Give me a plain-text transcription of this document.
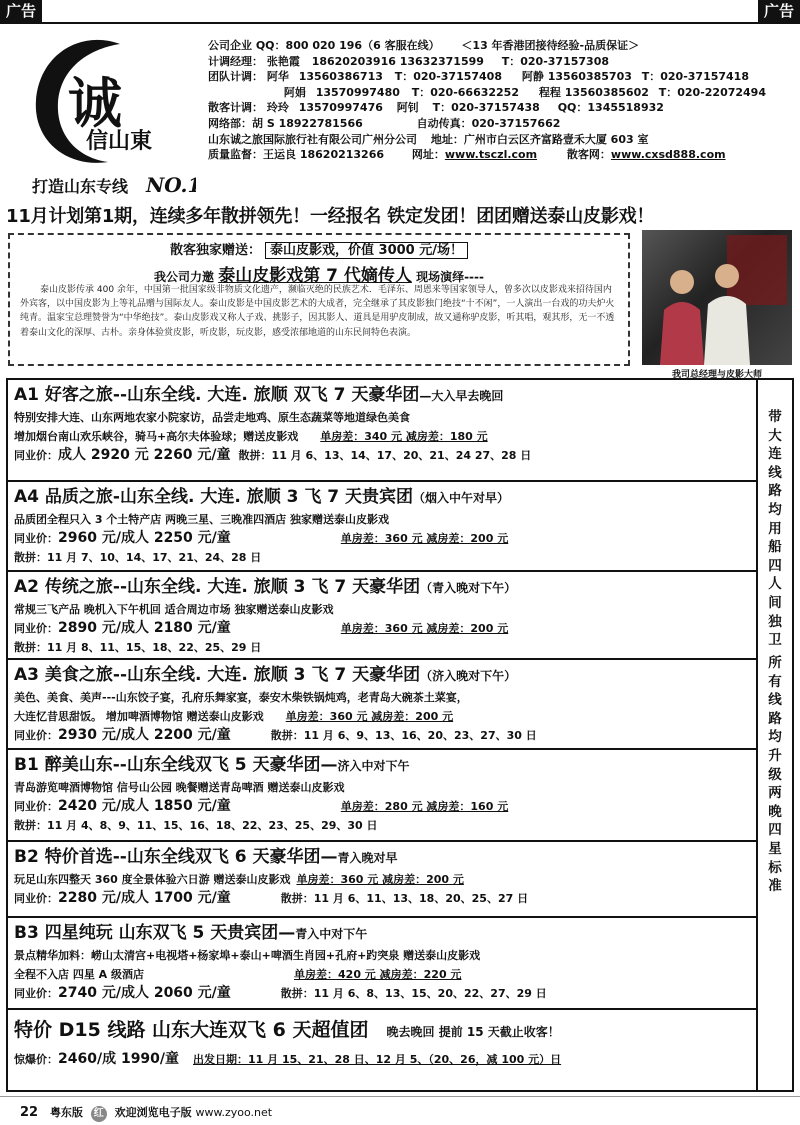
广告	广告
诚
信山東
打造山东专线 NO.1
公司企业 QQ：800 020 196（6 客服在线） ＜13 年香港团接待经验-品质保证＞
计调经理： 张艳霞 18620203916 13632371599 T：020-37157308
团队计调： 阿华 13560386713 T：020-37157408 阿静 13560385703 T：020-37157418
阿娟 13570997480 T：020-66632252 程程 13560385602 T：020-22072494
散客计调： 玲玲 13570997476 阿钊 T：020-37157438 QQ：1345518932
网络部：胡 S 18922781566	自动传真：020-37157662
山东诚之旅国际旅行社有限公司广州分公司 地址：广州市白云区齐富路壹禾大厦 603 室
质量监督：王运良 18620213266	网址：www.tsczl.com	散客网：www.cxsd888.com
11月计划第1期，连续多年散拼领先！一经报名 铁定发团！团团赠送泰山皮影戏！
散客独家赠送： 泰山皮影戏，价值 3000 元/场！
我公司力邀 泰山皮影戏第 7 代嫡传人 现场演绎----

泰山皮影传承 400 余年，中国第一批国家级非物质文化遗产，濒临灭绝的民族艺术．毛泽东、周恩来等国家领导人，曾多次以皮影戏来招待国内外宾客，以中国皮影为上等礼品赠与国际友人。泰山皮影是中国皮影艺术的大成者，完全继承了其皮影独门绝技“十不闲”，一人演出一台戏的功夫炉火纯青。温家宝总理赞誉为“中华绝技”。泰山皮影戏又称人子戏、挑影子，因其影人、道具是用驴皮制成，故又通称驴皮影，听其唱，观其形，无一不透着泰山文化的深厚、古朴。亲身体验赏皮影，听皮影，玩皮影，感受浓郁地道的山东民间特色表演。

我司总经理与皮影大师
A1 好客之旅--山东全线. 大连. 旅顺 双飞 7 天豪华团—大入早去晚回
特别安排大连、山东两地农家小院家访，品尝走地鸡、原生态蔬菜等地道绿色美食
增加烟台南山欢乐峡谷，骑马+高尔夫体验球；赠送皮影戏 单房差：340 元 减房差：180 元
同业价：成人 2920 元 2260 元/童 散拼：11 月 6、13、14、17、20、21、24 27、28 日
A4 品质之旅-山东全线. 大连. 旅顺 3 飞 7 天贵宾团（烟入中午对早）
品质团全程只入 3 个土特产店 两晚三星、三晚准四酒店 独家赠送泰山皮影戏
同业价：2960 元/成人 2250 元/童	单房差：360 元 减房差：200 元
散拼：11 月 7、10、14、17、21、24、28 日
A2 传统之旅--山东全线. 大连. 旅顺 3 飞 7 天豪华团（青入晚对下午）
常规三飞产品 晚机入下午机回 适合周边市场 独家赠送泰山皮影戏
同业价：2890 元/成人 2180 元/童	单房差：360 元 减房差：200 元
散拼：11 月 8、11、15、18、22、25、29 日
A3 美食之旅--山东全线. 大连. 旅顺 3 飞 7 天豪华团（济入晚对下午）
美色、美食、美声---山东饺子宴，孔府乐舞家宴，泰安木柴铁锅炖鸡，老青岛大碗茶土菜宴，
大连忆昔思甜饭。 增加啤酒博物馆 赠送泰山皮影戏 单房差：360 元 减房差：200 元
同业价：2930 元/成人 2200 元/童	散拼：11 月 6、9、13、16、20、23、27、30 日
B1 醉美山东--山东全线双飞 5 天豪华团—济入中对下午
青岛游览啤酒博物馆 信号山公园 晚餐赠送青岛啤酒 赠送泰山皮影戏
同业价：2420 元/成人 1850 元/童	单房差：280 元 减房差：160 元
散拼：11 月 4、8、9、11、15、16、18、22、23、25、29、30 日
B2 特价首选--山东全线双飞 6 天豪华团—青入晚对早
玩足山东四整天 360 度全景体验六日游 赠送泰山皮影戏 单房差：360 元 减房差：200 元
同业价：2280 元/成人 1700 元/童	散拼：11 月 6、11、13、18、20、25、27 日
B3 四星纯玩 山东双飞 5 天贵宾团—青入中对下午
景点精华加料：崂山太清宫+电视塔+杨家埠+泰山+啤酒生肖园+孔府+趵突泉 赠送泰山皮影戏
全程不入店 四星 A 级酒店	单房差：420 元 减房差：220 元
同业价：2740 元/成人 2060 元/童	散拼：11 月 6、8、13、15、20、22、27、29 日
特价 D15 线路 山东大连双飞 6 天超值团 晚去晚回 提前 15 天截止收客！
惊爆价：2460/成 1990/童 出发日期：11 月 15、21、28 日、12 月 5、（20、26，减 100 元）日
带大连线路均用船四人间独卫
所有线路均升级两晚四星标准
22 粤东版 红 欢迎浏览电子版 www.zyoo.net
